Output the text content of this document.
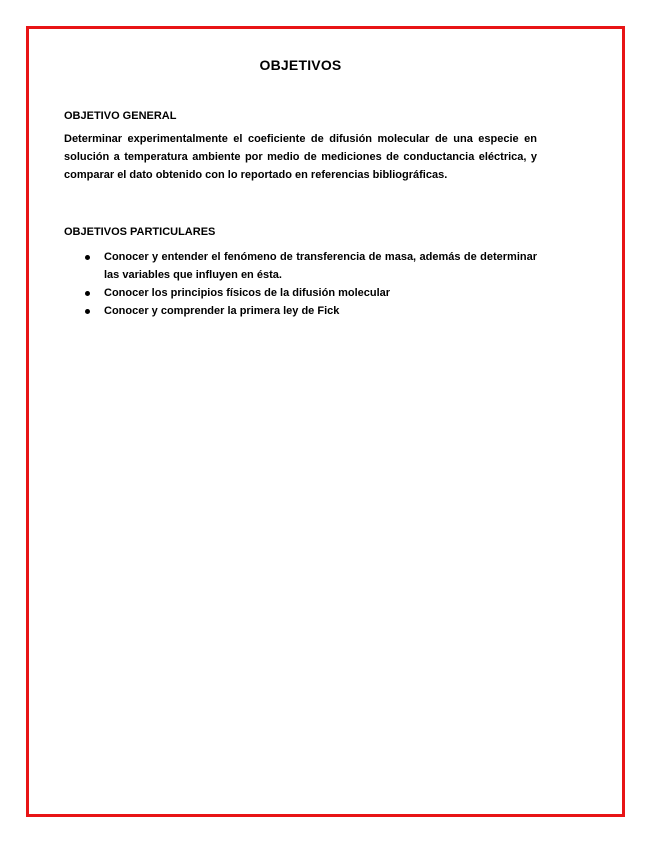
OBJETIVOS
OBJETIVO GENERAL

Determinar experimentalmente el coeficiente de difusión molecular de una especie en solución a temperatura ambiente por medio de mediciones de conductancia eléctrica, y comparar el dato obtenido con lo reportado en referencias bibliográficas.

OBJETIVOS PARTICULARES
Conocer y entender el fenómeno de transferencia de masa, además de determinar las variables que influyen en ésta.
Conocer los principios físicos de la difusión molecular
Conocer y comprender la primera ley de Fick
